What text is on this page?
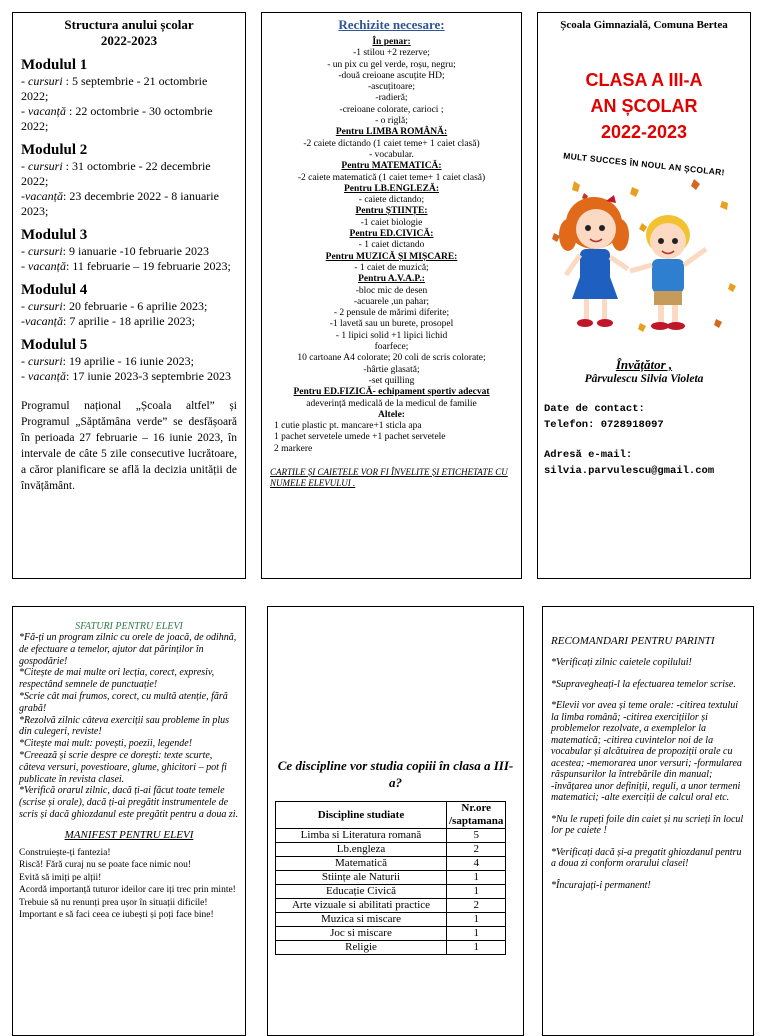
Structura anului școlar
2022-2023
Modulul 1
- cursuri : 5 septembrie - 21 octombrie 2022;
- vacanță : 22 octombrie - 30 octombrie 2022;
Modulul 2
- cursuri : 31 octombrie - 22 decembrie 2022;
-vacanță: 23 decembrie 2022 - 8 ianuarie 2023;
Modulul 3
- cursuri: 9 ianuarie -10 februarie 2023
- vacanță: 11 februarie – 19 februarie 2023;
Modulul 4
- cursuri: 20 februarie - 6 aprilie 2023;
-vacanță: 7 aprilie - 18 aprilie 2023;
Modulul 5
- cursuri: 19 aprilie - 16 iunie 2023;
- vacanță: 17 iunie 2023-3 septembrie 2023
Programul național „Școala altfel” și Programul „Săptămâna verde” se desfășoară în perioada 27 februarie – 16 iunie 2023, în intervale de câte 5 zile consecutive lucrătoare, a căror planificare se află la decizia unității de învățământ.
Rechizite necesare:
În penar:
-1 stilou +2 rezerve;
- un pix cu gel verde, roșu, negru;
-două creioane ascuțite HD;
-ascuțitoare;
-radieră;
-creioane colorate, carioci ;
- o riglă;
Pentru LIMBA ROMÂNĂ:
-2 caiete dictando (1 caiet teme+ 1 caiet clasă)
- vocabular.
Pentru MATEMATICĂ:
-2 caiete matematică (1 caiet teme+ 1 caiet clasă)
Pentru LB.ENGLEZĂ:
- caiete dictando;
Pentru ȘTIINȚE:
-1 caiet biologie
Pentru ED.CIVICĂ:
- 1 caiet dictando
Pentru MUZICĂ ȘI MIȘCARE:
- 1 caiet de muzică;
Pentru A.V.A.P.:
-bloc mic de desen
-acuarele ,un pahar;
- 2 pensule de mărimi diferite;
-1 lavetă sau un burete, prosopel
- 1 lipici solid +1 lipici lichid
foarfece;
10 cartoane A4 colorate; 20 coli de scris colorate;
-hârtie glasată;
-set quilling
Pentru ED.FIZICĂ- echipament sportiv adecvat
adeverință medicală de la medicul de familie
Altele:
1 cutie plastic pt. mancare+1 sticla apa
1 pachet servetele umede +1 pachet servetele
2 markere
CARTILE ȘI CAIETELE VOR FI ÎNVELITE ȘI ETICHETATE CU NUMELE ELEVULUI .
Școala Gimnazială, Comuna Bertea
CLASA A III-A
AN ȘCOLAR
2022-2023
MULT SUCCES ÎN NOUL AN ȘCOLAR!
Învățător ,
Pârvulescu Silvia Violeta
Date de contact:
Telefon: 0728918097
Adresă e-mail:
silvia.parvulescu@gmail.com
SFATURI PENTRU ELEVI
*Fă-ți un program zilnic cu orele de joacă, de odihnă, de efectuare a temelor, ajutor dat părinților în gospodărie!
*Citește de mai multe ori lecția, corect, expresiv, respectând semnele de punctuație!
*Scrie cât mai frumos, corect, cu multă atenție, fără grabă!
*Rezolvă zilnic câteva exerciții sau probleme în plus din culegeri, reviste!
*Citește mai mult: povești, poezii, legende!
*Creează și scrie despre ce dorești: texte scurte, câteva versuri, povestioare, glume, ghicitori – pot fi publicate în revista clasei.
*Verifică orarul zilnic, dacă ți-ai făcut toate temele (scrise și orale), dacă ți-ai pregătit instrumentele de scris și dacă ghiozdanul este pregătit pentru a doua zi.
MANIFEST PENTRU ELEVI
Construiește-ți fantezia!
Riscă! Fără curaj nu se poate face nimic nou!
Evită să imiți pe alții!
Acordă importanță tuturor ideilor care iți trec prin minte!
Trebuie să nu renunți prea ușor în situații dificile!
Important e să faci ceea ce iubești și poți face bine!
Ce discipline vor studia copiii în clasa a III-a?
Discipline studiate	Nr.ore /saptamana
Limba si Literatura romană	5
Lb.engleza	2
Matematică	4
Stiințe ale Naturii	1
Educație Civică	1
Arte vizuale si abilitati practice	2
Muzica si miscare	1
Joc si miscare	1
Religie	1
RECOMANDARI PENTRU PARINTI
*Verificați zilnic caietele copilului!
*Supravegheați-l la efectuarea temelor scrise.
*Elevii vor avea și teme orale: -citirea textului la limba română; -citirea exercițiilor și problemelor rezolvate, a exemplelor la matematică; -citirea cuvintelor noi de la vocabular și alcătuirea de propoziții orale cu acestea; -memorarea unor versuri; -formularea răspunsurilor la întrebările din manual; -învățarea unor definiții, reguli, a unor termeni matematici; -alte exerciții de calcul oral etc.
*Nu le rupeți foile din caiet și nu scrieți în locul lor pe caiete !
*Verificați dacă și-a pregatit ghiozdanul pentru a doua zi conform orarului clasei!
*Încurajați-i permanent!
